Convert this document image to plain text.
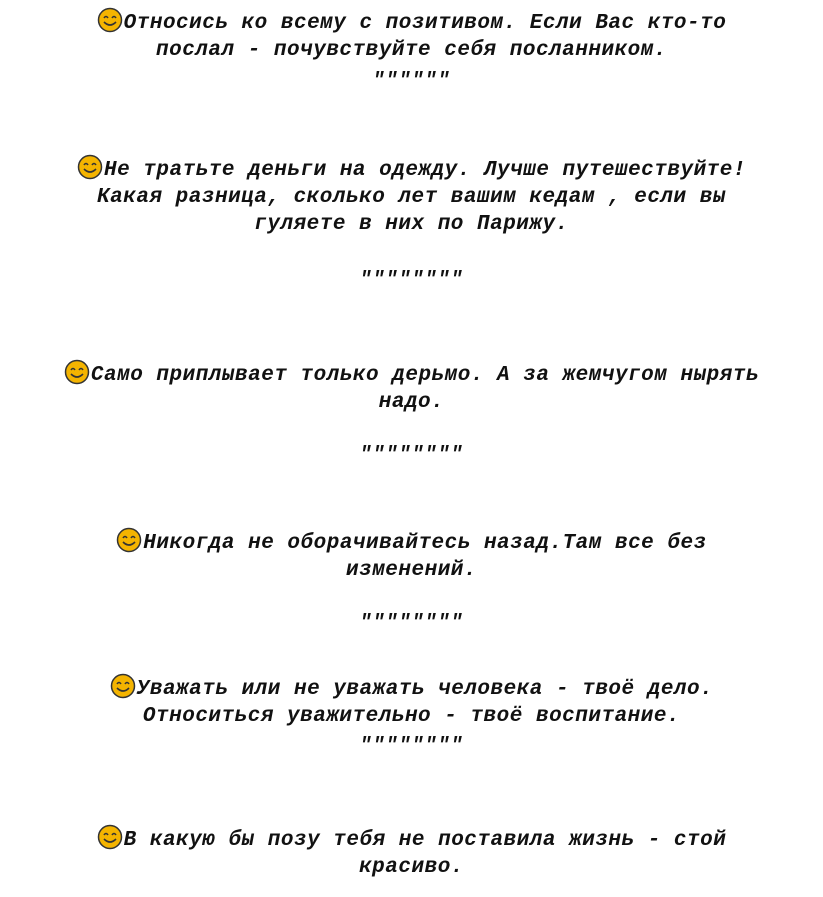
Относись ко всему с позитивом. Если Вас кто-то
послал - почувствуйте себя посланником.
""""""
Не тратьте деньги на одежду. Лучше путешествуйте!
Какая разница, сколько лет вашим кедам , если вы
гуляете в них по Парижу.
""""""""
Само приплывает только дерьмо. А за жемчугом нырять
надо.
""""""""
Никогда не оборачивайтесь назад.Там все без
изменений.
""""""""
Уважать или не уважать человека - твоё дело.
Относиться уважительно - твоё воспитание.
""""""""
В какую бы позу тебя не поставила жизнь - стой
красиво.
